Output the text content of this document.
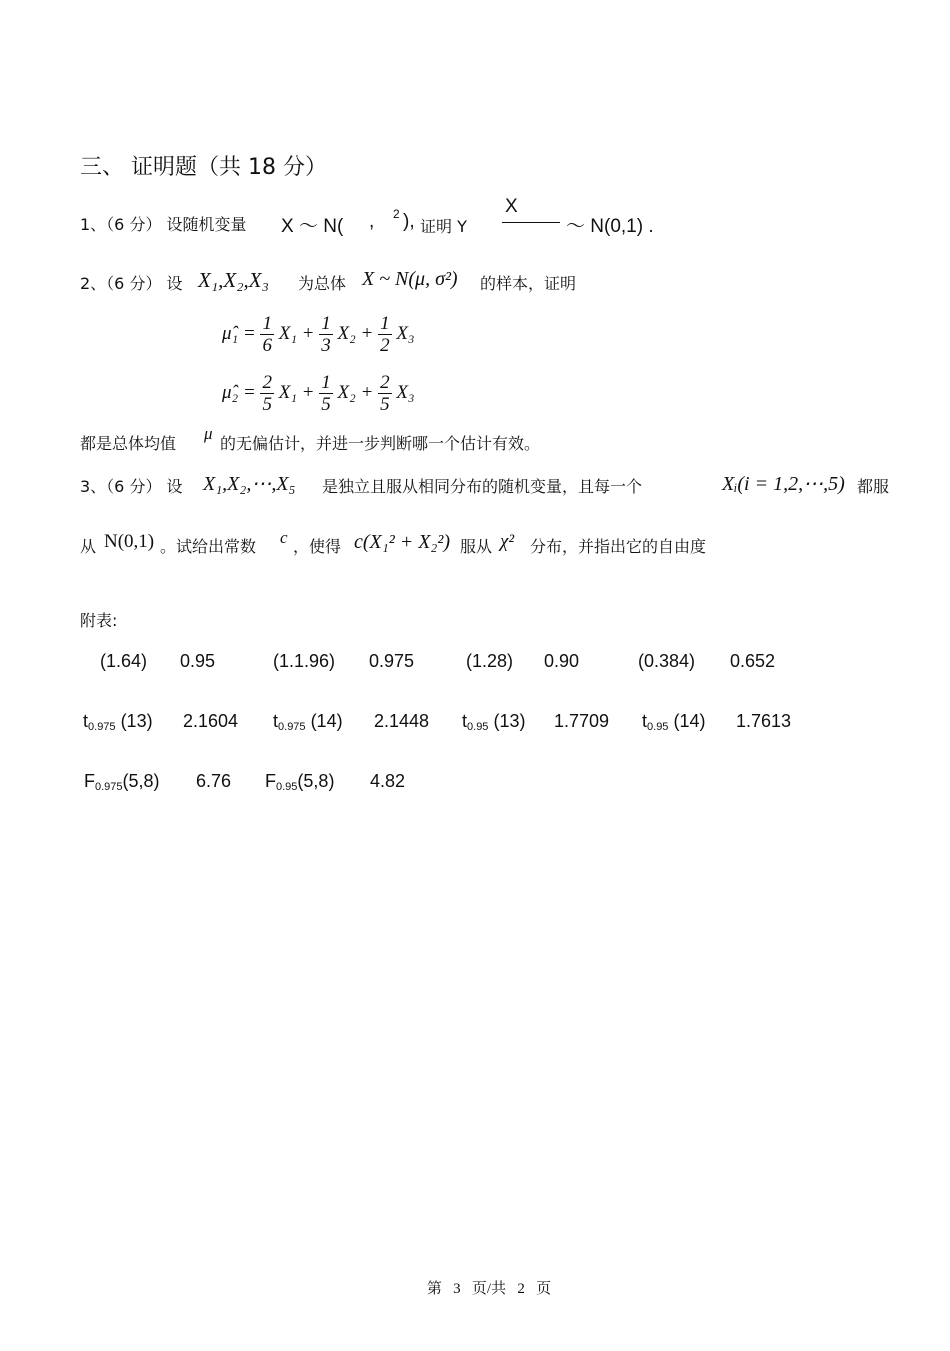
三、 证明题（共 18 分）
1、（6 分） 设随机变量 X ～ N( , 2 ), 证明 Y
X
～ N(0,1) .
2、（6 分） 设 X₁,X₂,X₃ 为总体 X ~ N(μ, σ²) 的样本，证明
μ̂₁ = $\frac{1}{6} X_1 + \frac{1}{3} X_2 + \frac{1}{2} X_3$
μ̂₂ = $\frac{2}{5} X_1 + \frac{1}{5} X_2 + \frac{2}{5} X_3$
都是总体均值
μ
的无偏估计，并进一步判断哪一个估计有效。
3、（6 分） 设 X₁,X₂,⋯,X₅ 是独立且服从相同分布的随机变量，且每一个	Xᵢ(i = 1,2,⋯,5) 都服
从 N(0,1) 。试给出常数 c ，使得 c(X₁² + X₂²) 服从 χ² 分布，并指出它的自由度
附表:
(1.64) 0.95	(1.1.96) 0.975	(1.28) 0.90	(0.384) 0.652
t0.975 (13) 2.1604 t0.975 (14) 2.1448 t0.95 (13) 1.7709 t0.95 (14) 1.7613
F0.975(5,8) 6.76 F0.95(5,8) 4.82
第   3   页/共   2   页
